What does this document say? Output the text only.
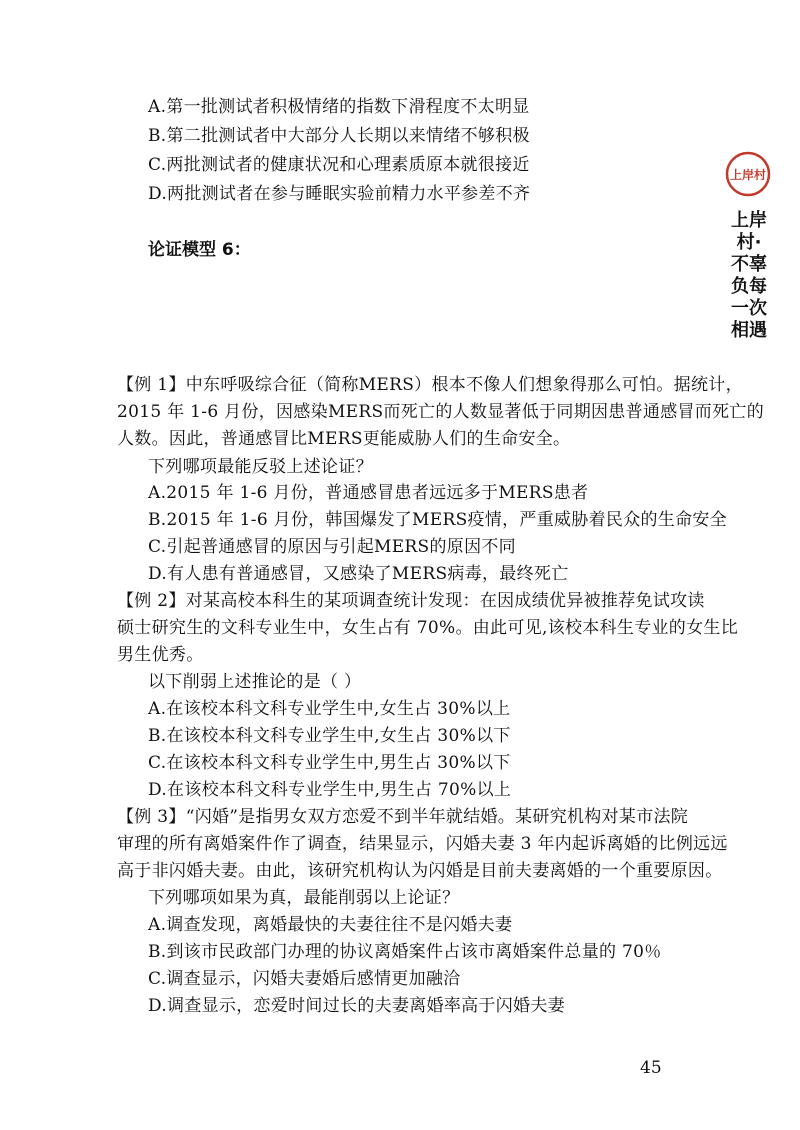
A.第一批测试者积极情绪的指数下滑程度不太明显
B.第二批测试者中大部分人长期以来情绪不够积极
C.两批测试者的健康状况和心理素质原本就很接近
D.两批测试者在参与睡眠实验前精力水平参差不齐
论证模型 6：
【例 1】中东呼吸综合征（简称MERS）根本不像人们想象得那么可怕。据统计，
2015 年 1-6 月份，因感染MERS而死亡的人数显著低于同期因患普通感冒而死亡的
人数。因此，普通感冒比MERS更能威胁人们的生命安全。
下列哪项最能反驳上述论证？
A.2015 年 1-6 月份，普通感冒患者远远多于MERS患者
B.2015 年 1-6 月份，韩国爆发了MERS疫情，严重威胁着民众的生命安全
C.引起普通感冒的原因与引起MERS的原因不同
D.有人患有普通感冒，又感染了MERS病毒，最终死亡
【例 2】对某高校本科生的某项调查统计发现：在因成绩优异被推荐免试攻读
硕士研究生的文科专业生中，女生占有 70%。由此可见,该校本科生专业的女生比
男生优秀。
以下削弱上述推论的是（ ）
A.在该校本科文科专业学生中,女生占 30%以上
B.在该校本科文科专业学生中,女生占 30%以下
C.在该校本科文科专业学生中,男生占 30%以下
D.在该校本科文科专业学生中,男生占 70%以上
【例 3】“闪婚”是指男女双方恋爱不到半年就结婚。某研究机构对某市法院
审理的所有离婚案件作了调查，结果显示，闪婚夫妻 3 年内起诉离婚的比例远远
高于非闪婚夫妻。由此，该研究机构认为闪婚是目前夫妻离婚的一个重要原因。
下列哪项如果为真，最能削弱以上论证？
A.调查发现，离婚最快的夫妻往往不是闪婚夫妻
B.到该市民政部门办理的协议离婚案件占该市离婚案件总量的 70％
C.调查显示，闪婚夫妻婚后感情更加融洽
D.调查显示，恋爱时间过长的夫妻离婚率高于闪婚夫妻
45
上岸村
上岸村·不辜负每一次相遇
